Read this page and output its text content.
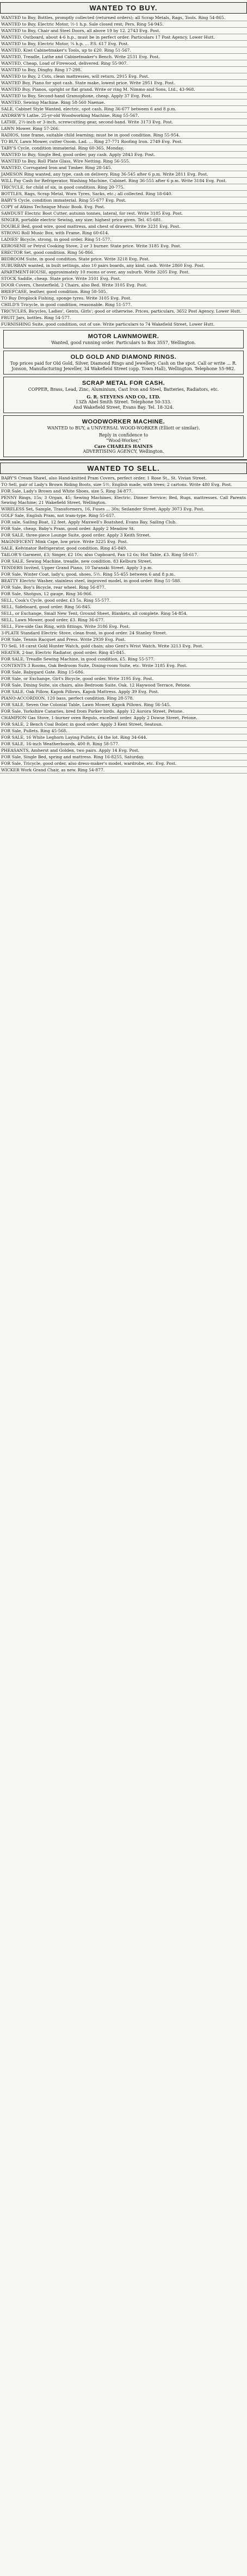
WANTED TO BUY.
WANTED to Buy, Bottles, promptly collected (returned orders); all Scrap Metals, Rags, Tools. Ring 54-865.
WANTED to Buy, Electric Motor, ½-1 h.p. Sale closed rest; Pers. Ring 54-945.
WANTED to Buy, Chair and Steel Doors, all above 19 by 12. 2743 Evg. Post.
WANTED, Outboard, about 4-6 h.p., must be in perfect order. Particulars 17 Post Agency, Lower Hutt.
WANTED to Buy, Electric Motor, ¼ h.p. ... P.S. 617 Evg. Post.
WANTED, Kiwi Cabinetmaker's Tools, up to £20. Ring 51-567.
WANTED, Treadle, Lathe and Cabinetmaker's Bench. Write 2531 Evg. Post.
WANTED, Cheap, Load of Firewood, delivered. Ring 55-907.
WANTED to Buy, Dinghy. Ring 17-298.
WANTED to Buy, 2 Cots, clean mattresses, will return. 2915 Evg. Post.
WANTED Buy, Piano for spot cash. State make, lowest price. Write 2951 Evg. Post.
WANTED Buy, Pianos, upright or flat grand. Write or ring M. Nimmo and Sons, Ltd., 43-968.
WANTED to Buy, Second-hand Gramophone, cheap. Apply 37 Evg. Post.
WANTED, Sewing Machine. Ring 58-560 Naenae.
SALE, Cabinet Style Wanted, electric, spot cash. Ring 36-677 between 6 and 8 p.m.
ANDREW'S Lathe. 25-yr-old Woodworking Machine. Ring 55-567.
LATHE, 2½-inch or 3-inch, screwcutting gear, second-hand. Write 3173 Evg. Post.
LAWN Mower. Ring 57-266.
RADIOS, tone frame, suitable child learning; must be in good condition. Ring 55-954.
TO BUY, Lawn Mower, cutter Ooom. Lad. ... Ring 27-771 Roofing Iron. 2749 Evg. Post.
TABY'S Cycle, condition immaterial. Ring 60-365, Monday.
WANTED to Buy, Single Bed, good order, pay cash. Apply 2843 Evg. Post.
WANTED to Buy, Roll Plate Glass, Wire Netting. Ring 56-555.
WANTED, Corrugated Iron and Timber. Ring 28-545.
JAMESON Ring wanted, any type, cash on delivery. Ring 36-545 after 6 p.m. Write 2811 Evg. Post.
WILL Pay Cash for Refrigerator, Washing Machine, Cabinet. Ring 36-555 after 6 p.m. Write 3184 Evg. Post.
TRICYCLE, for child of six, in good condition. Ring 20-775.
BOTTLES, Rags, Scrap Metal, Worn Tyres, Sacks, etc.; all collected. Ring 18-640.
BABY'S Cycle, condition immaterial. Ring 55-677 Evg. Post.
COPY of Atkins Technique Music Book. Evg. Post.
SAWDUST Electric Boot Cutter, autumn tonnes, lateral, for rest. Write 3185 Evg. Post.
SINGER, portable electric Sewing, any size; highest price given. Tel. 65-681.
DOUBLE Bed, good wire, good mattress, and chest of drawers. Write 3231 Evg. Post.
STRONG Roll Music Box, with Frame. Ring 60-614.
LADIES' Bicycle, strong, in good order. Ring 51-577.
KEROSENE or Petrol Cooking Stove, 2 or 3 burner. State price. Write 3185 Evg. Post.
ERECTOR Set, good condition. Ring 56-866.
BEDROOM Suite, in good condition. State price. Write 3218 Evg. Post.
SUBURBAN wanted, in built settings, also 10 pairs boards, any kind, cash. Write 2860 Evg. Post.
APARTMENT-HOUSE, approximately 10 rooms or over, any suburb. Write 3205 Evg. Post.
STOCK Saddle, cheap. State price. Write 3101 Evg. Post.
DOOR Covers, Chesterfield, 2 Chairs, also Bed. Write 3105 Evg. Post.
BRIEFCASE, leather, good condition. Ring 58-505.
TO Buy Droplock Fishing, sponge tyres. Write 3105 Evg. Post.
CHILD'S Tricycle, in good condition, reasonable. Ring 51-577.
TRICYCLES, Bicycles, Ladies', Gents, Girls'; good or otherwise. Prices, particulars, 3652 Post Agency, Lower Hutt.
FRUIT Jars, bottles. Ring 54-577.
FURNISHING Suite, good condition, out of use. Write particulars to 74 Wakefield Street, Lower Hutt.
MOTOR LAWNMOWER.
Wanted, good running order. Particulars to Box 3557, Wellington.
OLD GOLD AND DIAMOND RINGS.
Top prices paid for Old Gold, Silver, Diamond Rings and Jewellery. Cash on the spot. Call or write ... R. Jonson, Manufacturing Jeweller, 34 Wakefield Street (opp. Town Hall), Wellington. Telephone 55-982.
SCRAP METAL FOR CASH.
COPPER, Brass, Lead, Zinc, Aluminium, Cast Iron and Steel, Batteries, Radiators, etc.
G. R. STEVENS AND CO., LTD.
13Zh Abel Smith Street. Telephone 50-333.
And Wakefield Street, Evans Bay. Tel. 18-324.
WOODWORKER MACHINE.
WANTED to BUY, a UNIVERSAL WOOD-WORKER (Elliott or similar).
Reply in confidence to
"Wood-Worker,"
Care CHARLES HAINES
ADVERTISING AGENCY, Wellington.
WANTED TO SELL.
BABY'S Cream Shawl, also Hand-knitted Pram Covers, perfect order. 1 Rose St., St. Vivian Street.
TO Sell, pair of Lady's Brown Riding Boots, size 5½, English made, with trees; 2 cartons. Write 480 Evg. Post.
FOR Sale, Lady's Brown and White Shoes, size 5. Ring 34-877.
PENNY Rings, 15s; 3 Organ, 45; Sewing Machines, Electric, Dinner Service; Bed, Rugs, mattresses. Call Parents Sewing Machine; 21 Wakefield Street, Wellington.
WIRELESS Set, Sample, Transformers, 16, Fuses ... 30s; Seilander Street. Apply 3073 Evg. Post.
GOLF Sale, English Pram, not tram-type. Ring 55-657.
FOR sale, Sailing Boat, 12 feet. Apply Maxwell's Boatshed, Evans Bay, Sailing Club.
FOR Sale, cheap, Baby's Pram, good order. Apply 2 Meadow St.
FOR SALE, three-piece Lounge Suite, good order. Apply 3 Keith Street.
MAGNIFICENT Mink Cape, low price. Write 3225 Evg. Post.
SALE, Kelvinator Refrigerator, good condition. Ring 45-849.
TAILOR'S Garment, £3; Singer, £2 10s; also Cupboard, Fan 12 6s; Hot Table, £3. Ring 58-617.
FOR SALE, Sewing Machine, treadle, new condition. 83 Kelburn Street.
TENDERS Invited, Upper Grand Piano, 10 Taranaki Street. Apply 3 p.m.
FOR Sale, Winter Coat, lady's; good, shoes, 5½. Ring 55-455 between 6 and 8 p.m.
BEATTY Electric Washer, stainless steel, improved model, in good order. Ring 51-588.
FOR Sale, Boy's Bicycle, rear wheel. Ring 56-877.
FOR Sale, Shotgun, 12 gauge, Ring 36-966.
SELL, Cook's Cycle, good order. £3 5s. Ring 55-577.
SELL, Sideboard, good order. Ring 56-845.
SELL, or Exchange, Small New Tent, Ground Sheet, Blankets, all complete. Ring 54-854.
SELL, Lawn Mower, good order, £3. Ring 36-677.
SELL, Fire-side Gas Ring, with fittings. Write 3186 Evg. Post.
3-PLATE Standard Electric Stove, clean front, in good order. 24 Stanley Street.
FOR Sale, Tennis Racquet and Press. Write 2939 Evg. Post.
TO Sell, 18 carat Gold Hunter Watch, gold chain; also Gent's Wrist Watch. Write 3213 Evg. Post.
HEATER, 2-bar, Electric Radiator, good order. Ring 45-845.
FOR SALE, Treadle Sewing Machine, in good condition, £5. Ring 55-577.
CONTENTS 3 Rooms, Oak Bedroom Suite, Dining-room Suite, etc. Write 3185 Evg. Post.
FOR Sale, Babygard Gate. Ring 15-686.
FOR Sale, or Exchange, Girl's Bicycle, good order. Write 3195 Evg. Post.
FOR Sale, Dining Suite, six chairs, also Bedroom Suite, Oak. 12 Haywood Terrace, Petone.
FOR SALE, Oak Pillow, Kapok Pillows, Kapok Mattress. Apply 39 Evg. Post.
PIANO-ACCORDION, 120 bass, perfect condition. Ring 28-578.
FOR SALE, Seven One Colonial Table, Lawn Mower, Kapok Pillows. Ring 56-545.
FOR Sale, Yorkshire Canaries, bred from Parker birds. Apply 12 Aurora Street, Petone.
CHAMPION Gas Stove, 1-burner oven Regulo, excellent order. Apply 2 Dowse Street, Petone.
FOR SALE, 2 Bench Coal Boiler, in good order. Apply 3 Kent Street, Seatoun.
FOR Sale, Pullets. Ring 45-568.
FOR SALE, 16 White Leghorn Laying Pullets, £4 the lot. Ring 34-644.
FOR SALE, 16-inch Weatherboards, 400 ft. Ring 58-577.
PHEASANTS, Amherst and Golden, two pairs. Apply 14 Evg. Post.
FOR Sale, Single Bed, spring and mattress. Ring 16-8255, Saturday.
FOR Sale, Tricycle, good order, also dress-maker's model, wardrobe, etc. Evg. Post.
WICKER Work Grand Chair, as new. Ring 54-877.
